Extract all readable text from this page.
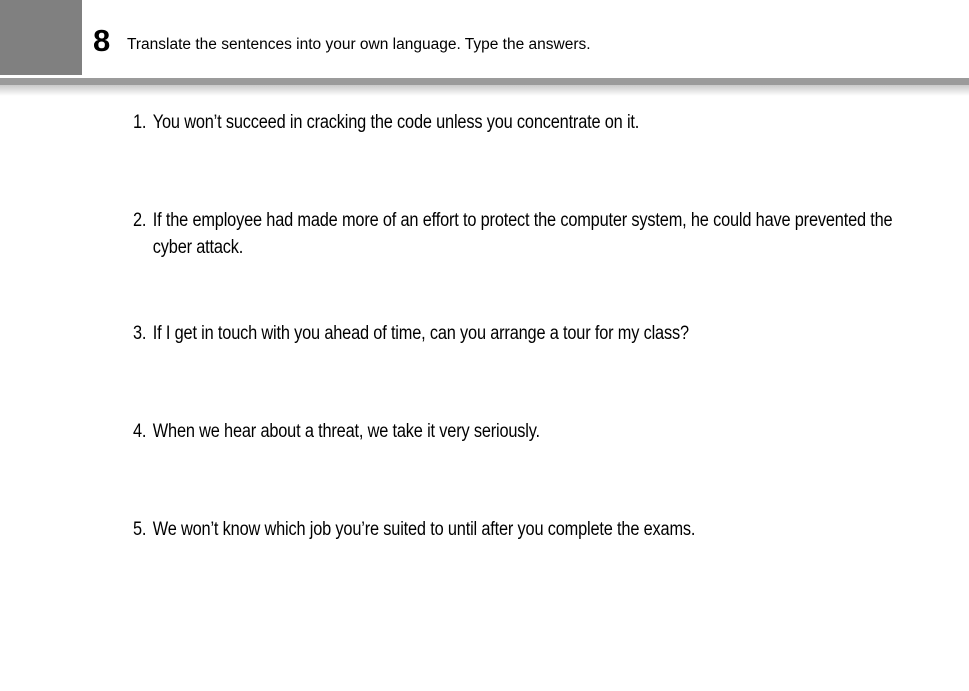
8 Translate the sentences into your own language. Type the answers.
1. You won’t succeed in cracking the code unless you concentrate on it.
2. If the employee had made more of an effort to protect the computer system, he could have prevented the cyber attack.
3. If I get in touch with you ahead of time, can you arrange a tour for my class?
4. When we hear about a threat, we take it very seriously.
5. We won’t know which job you’re suited to until after you complete the exams.
